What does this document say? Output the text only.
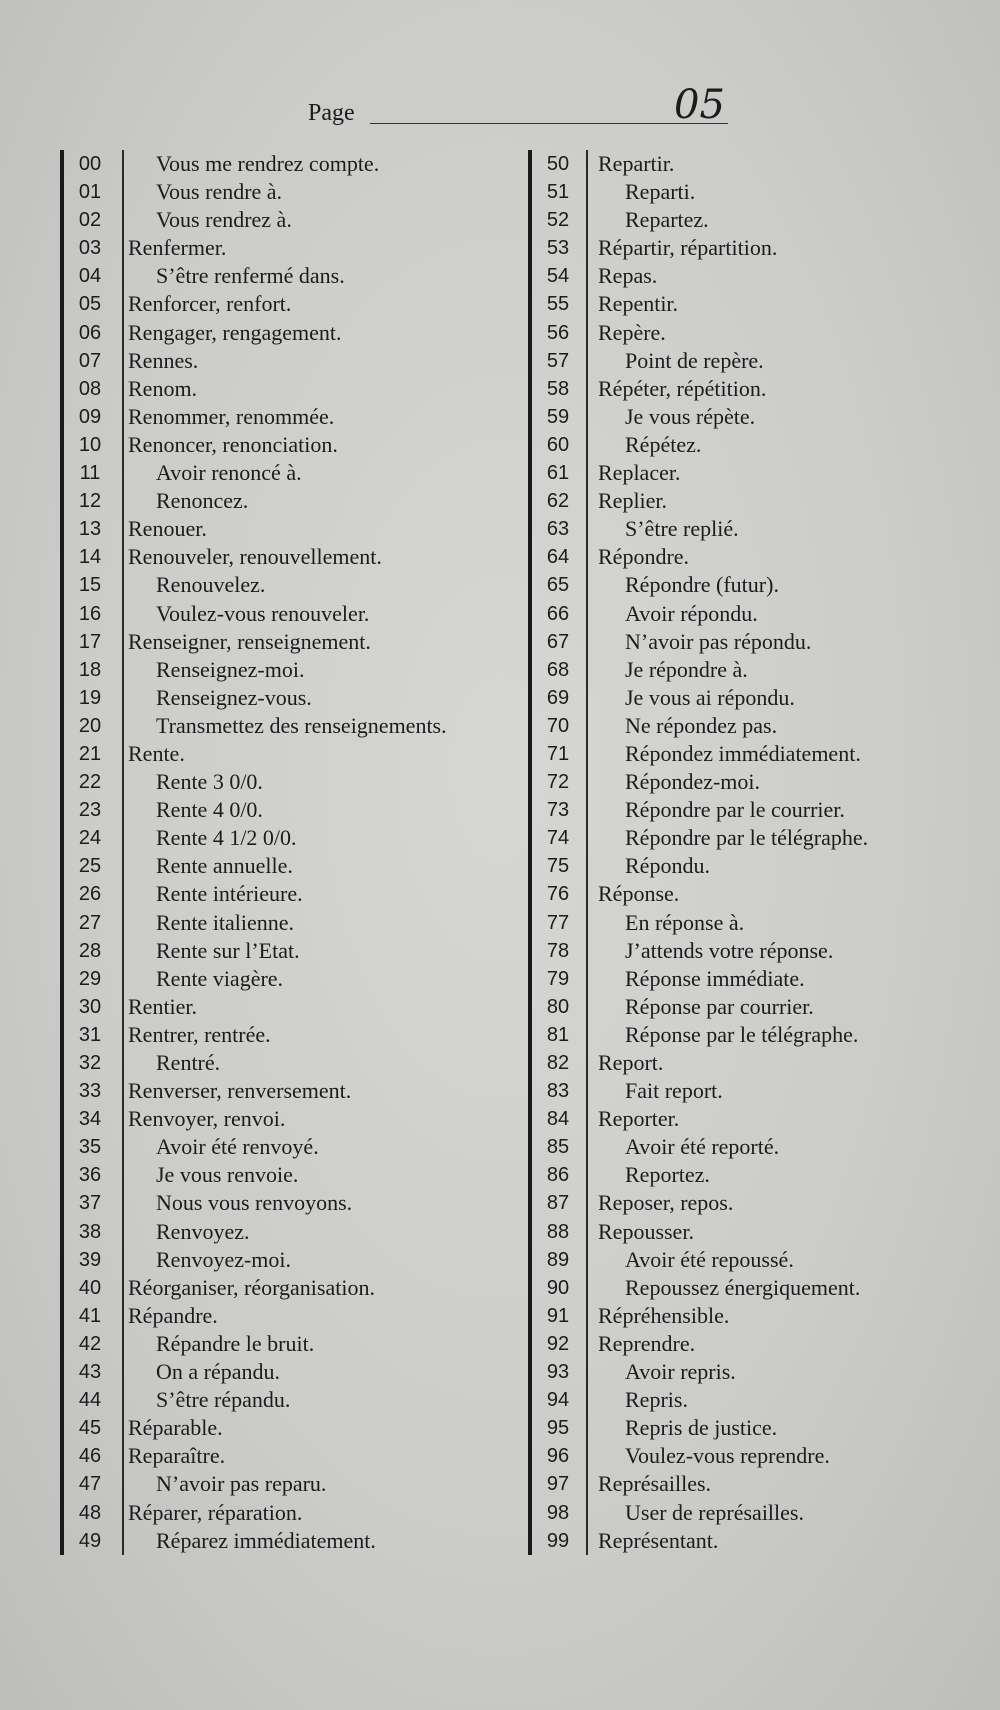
Page	05
00	Vous me rendrez compte.
01	Vous rendre à.
02	Vous rendrez à.
03	Renfermer.
04	S’être renfermé dans.
05	Renforcer, renfort.
06	Rengager, rengagement.
07	Rennes.
08	Renom.
09	Renommer, renommée.
10	Renoncer, renonciation.
11	Avoir renoncé à.
12	Renoncez.
13	Renouer.
14	Renouveler, renouvellement.
15	Renouvelez.
16	Voulez-vous renouveler.
17	Renseigner, renseignement.
18	Renseignez-moi.
19	Renseignez-vous.
20	Transmettez des renseignements.
21	Rente.
22	Rente 3 0/0.
23	Rente 4 0/0.
24	Rente 4 1/2 0/0.
25	Rente annuelle.
26	Rente intérieure.
27	Rente italienne.
28	Rente sur l’Etat.
29	Rente viagère.
30	Rentier.
31	Rentrer, rentrée.
32	Rentré.
33	Renverser, renversement.
34	Renvoyer, renvoi.
35	Avoir été renvoyé.
36	Je vous renvoie.
37	Nous vous renvoyons.
38	Renvoyez.
39	Renvoyez-moi.
40	Réorganiser, réorganisation.
41	Répandre.
42	Répandre le bruit.
43	On a répandu.
44	S’être répandu.
45	Réparable.
46	Reparaître.
47	N’avoir pas reparu.
48	Réparer, réparation.
49	Réparez immédiatement.
50	Repartir.
51	Reparti.
52	Repartez.
53	Répartir, répartition.
54	Repas.
55	Repentir.
56	Repère.
57	Point de repère.
58	Répéter, répétition.
59	Je vous répète.
60	Répétez.
61	Replacer.
62	Replier.
63	S’être replié.
64	Répondre.
65	Répondre (futur).
66	Avoir répondu.
67	N’avoir pas répondu.
68	Je répondre à.
69	Je vous ai répondu.
70	Ne répondez pas.
71	Répondez immédiatement.
72	Répondez-moi.
73	Répondre par le courrier.
74	Répondre par le télégraphe.
75	Répondu.
76	Réponse.
77	En réponse à.
78	J’attends votre réponse.
79	Réponse immédiate.
80	Réponse par courrier.
81	Réponse par le télégraphe.
82	Report.
83	Fait report.
84	Reporter.
85	Avoir été reporté.
86	Reportez.
87	Reposer, repos.
88	Repousser.
89	Avoir été repoussé.
90	Repoussez énergiquement.
91	Répréhensible.
92	Reprendre.
93	Avoir repris.
94	Repris.
95	Repris de justice.
96	Voulez-vous reprendre.
97	Représailles.
98	User de représailles.
99	Représentant.
